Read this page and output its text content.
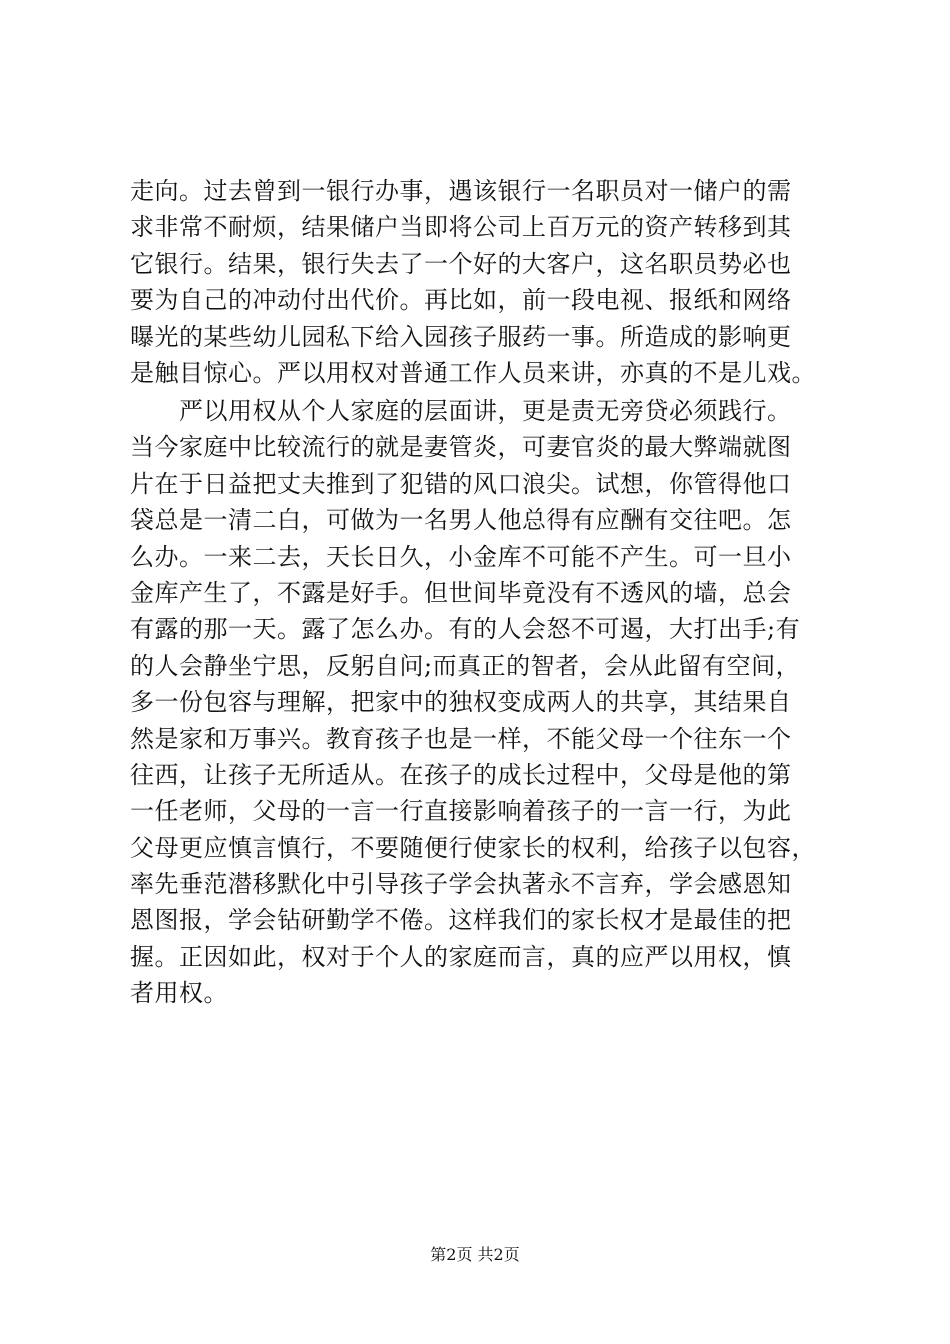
走向。过去曾到一银行办事，遇该银行一名职员对一储户的需
求非常不耐烦，结果储户当即将公司上百万元的资产转移到其
它银行。结果，银行失去了一个好的大客户，这名职员势必也
要为自己的冲动付出代价。再比如，前一段电视、报纸和网络
曝光的某些幼儿园私下给入园孩子服药一事。所造成的影响更
是触目惊心。严以用权对普通工作人员来讲，亦真的不是儿戏。
　　严以用权从个人家庭的层面讲，更是责无旁贷必须践行。
当今家庭中比较流行的就是妻管炎，可妻官炎的最大弊端就图
片在于日益把丈夫推到了犯错的风口浪尖。试想，你管得他口
袋总是一清二白，可做为一名男人他总得有应酬有交往吧。怎
么办。一来二去，天长日久，小金库不可能不产生。可一旦小
金库产生了，不露是好手。但世间毕竟没有不透风的墙，总会
有露的那一天。露了怎么办。有的人会怒不可遏，大打出手;有
的人会静坐宁思，反躬自问;而真正的智者，会从此留有空间，
多一份包容与理解，把家中的独权变成两人的共享，其结果自
然是家和万事兴。教育孩子也是一样，不能父母一个往东一个
往西，让孩子无所适从。在孩子的成长过程中，父母是他的第
一任老师，父母的一言一行直接影响着孩子的一言一行，为此
父母更应慎言慎行，不要随便行使家长的权利，给孩子以包容，
率先垂范潜移默化中引导孩子学会执著永不言弃，学会感恩知
恩图报，学会钻研勤学不倦。这样我们的家长权才是最佳的把
握。正因如此，权对于个人的家庭而言，真的应严以用权，慎
者用权。
第2页 共2页
